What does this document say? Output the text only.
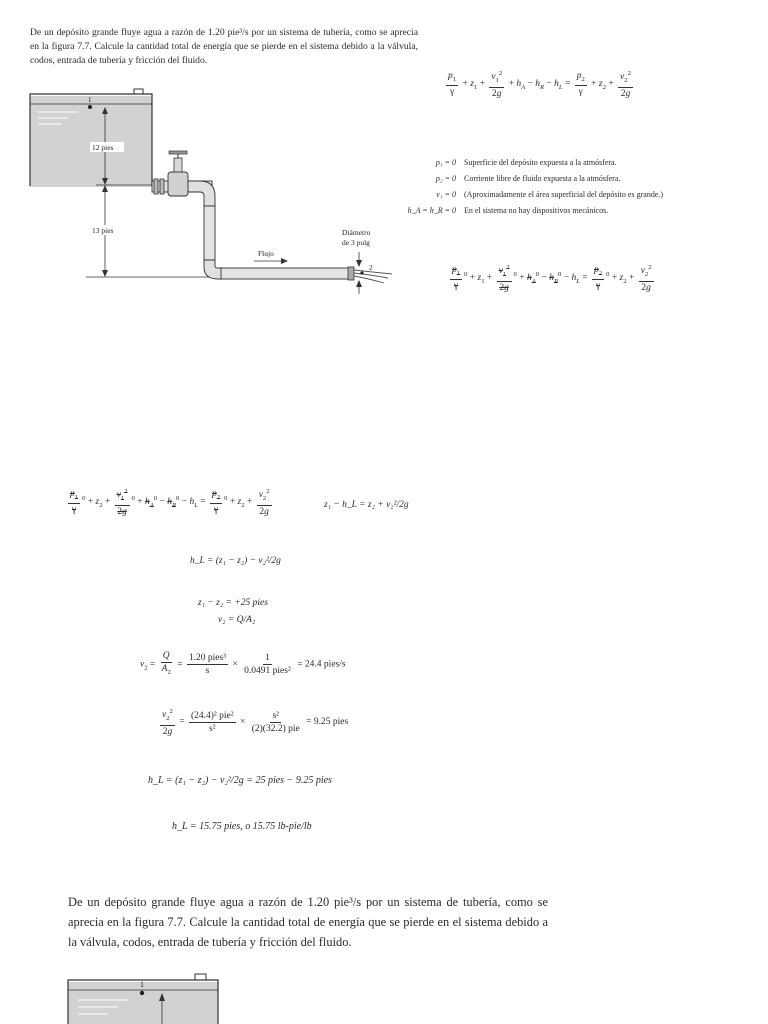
De un depósito grande fluye agua a razón de 1.20 pie³/s por un sistema de tubería, como se aprecia en la figura 7.7. Calcule la cantidad total de energía que se pierde en el sistema debido a la válvula, codos, entrada de tubería y fricción del fluido.
1
12 pies
13 pies
2
Diámetro
de 3 pulg
Flujo
$\frac{p_1}{\gamma} + z_1 + \frac{v_1^2}{2g} + h_A - h_R - h_L = \frac{p_2}{\gamma} + z_2 + \frac{v_2^2}{2g}$
p₁ = 0	Superficie del depósito expuesta a la atmósfera.
p₂ = 0	Corriente libre de fluido expuesta a la atmósfera.
v₁ = 0	(Aproximadamente el área superficial del depósito es grande.)
h_A = h_R = 0	En el sistema no hay dispositivos mecánicos.
$\frac{p_1}{\gamma} ^0 + z_1 + \frac{v_1^2}{2g} ^0 + h_A^0 - h_R^0 - h_L = \frac{p_2}{\gamma} ^0 + z_2 + \frac{v_2^2}{2g}$
$\frac{p_1}{\gamma} ^0 + z_2 + \frac{v_1^2}{2g} ^0 + h_A^0 - h_R^0 - h_L = \frac{p_2}{\gamma} ^0 + z_2 + \frac{v_2^2}{2g}$	z₁ − h_L = z₂ + v₂²/2g
h_L = (z₁ − z₂) − v₂²/2g
z₁ − z₂ = +25 pies
v₂ = Q/A₂
$v_2 = \frac{Q}{A_2} = \frac{\text{1.20 pies³}}{s} \times \frac{1}{\text{0.0491 pies²}} = 24.4$ pies/s
$\frac{v_2^2}{2g} = \frac{\text{(24.4)² pie²}}{\text{s²}} \times \frac{\text{s²}}{\text{(2)(32.2) pie}} = 9.25$ pies
h_L = (z₁ − z₂) − v₂²/2g = 25 pies − 9.25 pies
h_L = 15.75 pies, o 15.75 lb-pie/lb
De un depósito grande fluye agua a razón de 1.20 pie³/s por un sistema de tubería, como se aprecia en la figura 7.7. Calcule la cantidad total de energía que se pierde en el sistema debido a la válvula, codos, entrada de tubería y fricción del fluido.
1
